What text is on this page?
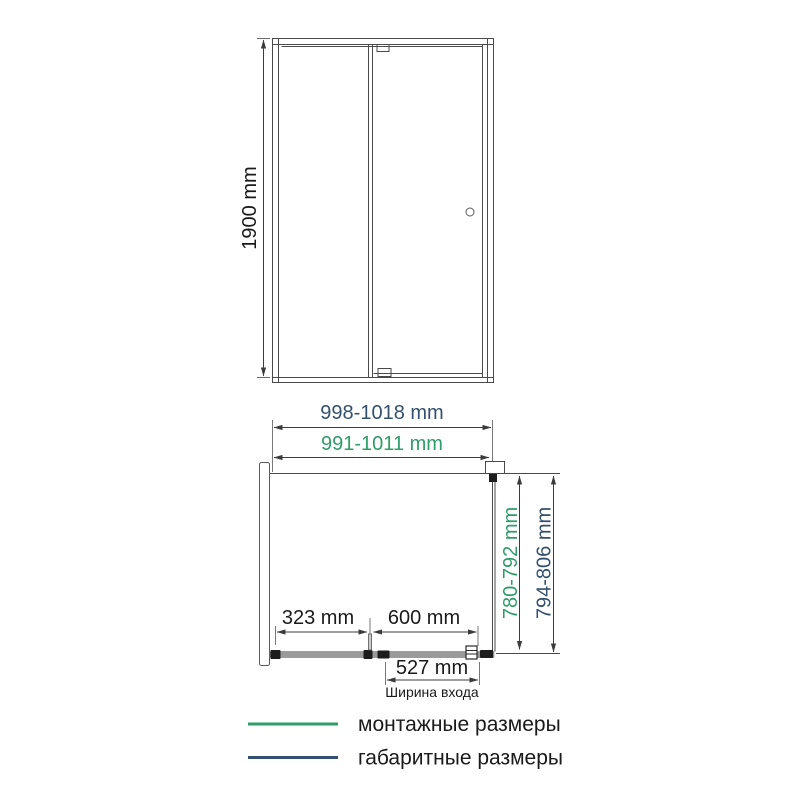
1900 mm
998-1018 mm
991-1011 mm
323 mm 600 mm
527 mm
Ширина входа
780-792 mm 794-806 mm
монтажные размеры
габаритные размеры
